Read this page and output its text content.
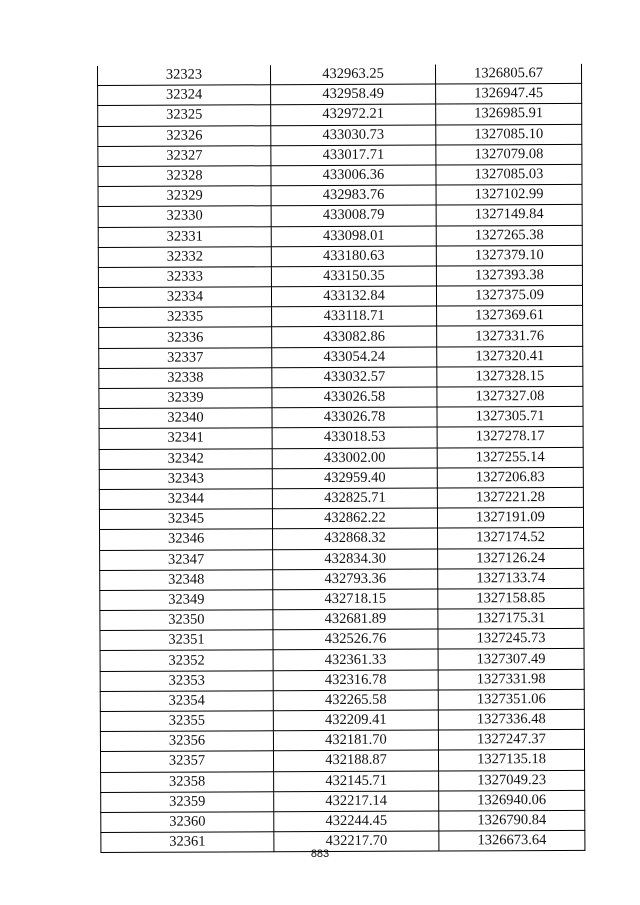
32323	432963.25	1326805.67
32324	432958.49	1326947.45
32325	432972.21	1326985.91
32326	433030.73	1327085.10
32327	433017.71	1327079.08
32328	433006.36	1327085.03
32329	432983.76	1327102.99
32330	433008.79	1327149.84
32331	433098.01	1327265.38
32332	433180.63	1327379.10
32333	433150.35	1327393.38
32334	433132.84	1327375.09
32335	433118.71	1327369.61
32336	433082.86	1327331.76
32337	433054.24	1327320.41
32338	433032.57	1327328.15
32339	433026.58	1327327.08
32340	433026.78	1327305.71
32341	433018.53	1327278.17
32342	433002.00	1327255.14
32343	432959.40	1327206.83
32344	432825.71	1327221.28
32345	432862.22	1327191.09
32346	432868.32	1327174.52
32347	432834.30	1327126.24
32348	432793.36	1327133.74
32349	432718.15	1327158.85
32350	432681.89	1327175.31
32351	432526.76	1327245.73
32352	432361.33	1327307.49
32353	432316.78	1327331.98
32354	432265.58	1327351.06
32355	432209.41	1327336.48
32356	432181.70	1327247.37
32357	432188.87	1327135.18
32358	432145.71	1327049.23
32359	432217.14	1326940.06
32360	432244.45	1326790.84
32361	432217.70	1326673.64
883
